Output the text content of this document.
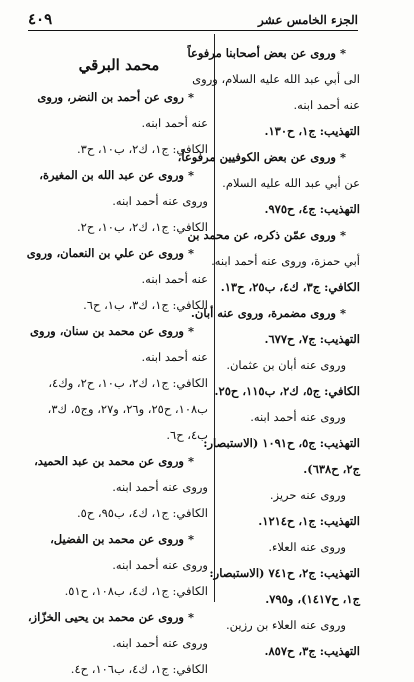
الجزء الخامس عشر
٤٠٩
* وروى عن بعض أصحابنا مرفوعاً
الى أبي عبد الله عليه السلام، وروى
عنه أحمد ابنه.
التهذيب: ج١، ح١٣٠.
* وروى عن بعض الكوفيين مرفوعاً،
عن أبي عبد الله عليه السلام.
التهذيب: ج٤، ح٩٧٥.
* وروى عمّن ذكره، عن محمد بن
أبي حمزة، وروى عنه أحمد ابنه.
الكافي: ج٣، ك٤، ب٢٥، ح١٣.
* وروى مضمرة، وروى عنه أبان.
التهذيب: ج٧، ح٦٧٧.
وروى عنه أبان بن عثمان.
الكافي: ج٥، ك٢، ب١١٥، ح٢٥.
وروى عنه أحمد ابنه.
التهذيب: ج٥، ح١٠٩١ (الاستبصار:
ج٢، ح٦٣٨).
وروى عنه حريز.
التهذيب: ج١، ح١٢١٤.
وروى عنه العلاء.
التهذيب: ج٢، ح٧٤١ (الاستبصار:
ج١، ح١٤١٧)، و٧٩٥.
وروى عنه العلاء بن رزين.
التهذيب: ج٣، ح٨٥٧.
محمد البرقي
* روى عن أحمد بن النضر، وروى
عنه أحمد ابنه.
الكافي: ج١، ك٢، ب١٠، ح٣.
* وروى عن عبد الله بن المغيرة،
وروى عنه أحمد ابنه.
الكافي: ج١، ك٢، ب١٠، ح٢.
* وروى عن علي بن النعمان، وروى
عنه أحمد ابنه.
الكافي: ج١، ك٣، ب١، ح٦.
* وروى عن محمد بن سنان، وروى
عنه أحمد ابنه.
الكافي: ج١، ك٢، ب١٠، ح٢، وك٤،
ب١٠٨، ح٢٥، و٢٦، و٢٧، وج٥، ك٣،
ب٤، ح٦.
* وروى عن محمد بن عبد الحميد،
وروى عنه أحمد ابنه.
الكافي: ج١، ك٤، ب٩٥، ح٥.
* وروى عن محمد بن الفضيل،
وروى عنه أحمد ابنه.
الكافي: ج١، ك٤، ب١٠٨، ح٥١.
* وروى عن محمد بن يحيى الخزّاز،
وروى عنه أحمد ابنه.
الكافي: ج١، ك٤، ب١٠٦، ح٤.
